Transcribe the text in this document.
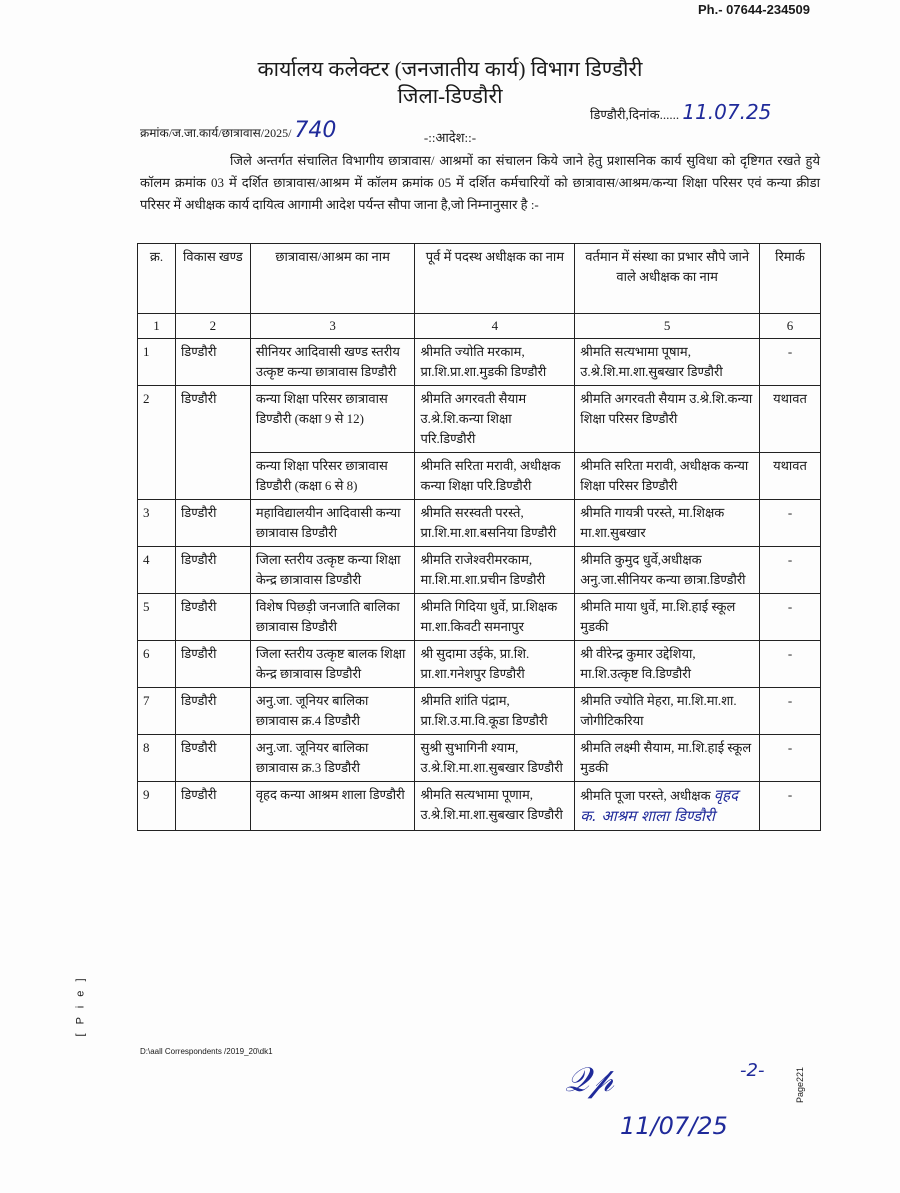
Ph.- 07644-234509
कार्यालय कलेक्टर (जनजातीय कार्य) विभाग डिण्डौरी
जिला-डिण्डौरी
क्रमांक/ज.जा.कार्य/छात्रावास/2025/ 740
डिण्डौरी,दिनांक...... 11.07.25
-::आदेश::-
जिले अन्तर्गत संचालित विभागीय छात्रावास/ आश्रमों का संचालन किये जाने हेतु प्रशासनिक कार्य सुविधा को दृष्टिगत रखते हुये कॉलम क्रमांक 03 में दर्शित छात्रावास/आश्रम में कॉलम क्रमांक 05 में दर्शित कर्मचारियों को छात्रावास/आश्रम/कन्या शिक्षा परिसर एवं कन्या क्रीडा परिसर में अधीक्षक कार्य दायित्व आगामी आदेश पर्यन्त सौपा जाना है,जो निम्नानुसार है :-
क्र.	विकास खण्ड	छात्रावास/आश्रम का नाम	पूर्व में पदस्थ अधीक्षक का नाम	वर्तमान में संस्था का प्रभार सौपे जाने वाले अधीक्षक का नाम	रिमार्क
1	2	3	4	5	6
1	डिण्डौरी	सीनियर आदिवासी खण्ड स्तरीय उत्कृष्ट कन्या छात्रावास डिण्डौरी	श्रीमति ज्योति मरकाम, प्रा.शि.प्रा.शा.मुडकी डिण्डौरी	श्रीमति सत्यभामा पूषाम, उ.श्रे.शि.मा.शा.सुबखार डिण्डौरी	-
2	डिण्डौरी	कन्या शिक्षा परिसर छात्रावास डिण्डौरी (कक्षा 9 से 12)	श्रीमति अगरवती सैयाम उ.श्रे.शि.कन्या शिक्षा परि.डिण्डौरी	श्रीमति अगरवती सैयाम उ.श्रे.शि.कन्या शिक्षा परिसर डिण्डौरी	यथावत
		कन्या शिक्षा परिसर छात्रावास डिण्डौरी (कक्षा 6 से 8)	श्रीमति सरिता मरावी, अधीक्षक कन्या शिक्षा परि.डिण्डौरी	श्रीमति सरिता मरावी, अधीक्षक कन्या शिक्षा परिसर डिण्डौरी	यथावत
3	डिण्डौरी	महाविद्यालयीन आदिवासी कन्या छात्रावास डिण्डौरी	श्रीमति सरस्वती परस्ते, प्रा.शि.मा.शा.बसनिया डिण्डौरी	श्रीमति गायत्री परस्ते, मा.शिक्षक मा.शा.सुबखार	-
4	डिण्डौरी	जिला स्तरीय उत्कृष्ट कन्या शिक्षा केन्द्र छात्रावास डिण्डौरी	श्रीमति राजेश्वरीमरकाम, मा.शि.मा.शा.प्रचीन डिण्डौरी	श्रीमति कुमुद धुर्वे,अधीक्षक अनु.जा.सीनियर कन्या छात्रा.डिण्डौरी	-
5	डिण्डौरी	विशेष पिछड़ी जनजाति बालिका छात्रावास डिण्डौरी	श्रीमति गिदिया धुर्वे, प्रा.शिक्षक मा.शा.किवटी समनापुर	श्रीमति माया धुर्वे, मा.शि.हाई स्कूल मुडकी	-
6	डिण्डौरी	जिला स्तरीय उत्कृष्ट बालक शिक्षा केन्द्र छात्रावास डिण्डौरी	श्री सुदामा उईके, प्रा.शि. प्रा.शा.गनेशपुर डिण्डौरी	श्री वीरेन्द्र कुमार उद्देशिया, मा.शि.उत्कृष्ट वि.डिण्डौरी	-
7	डिण्डौरी	अनु.जा. जूनियर बालिका छात्रावास क्र.4 डिण्डौरी	श्रीमति शांति पंद्राम, प्रा.शि.उ.मा.वि.कूडा डिण्डौरी	श्रीमति ज्योति मेहरा, मा.शि.मा.शा. जोगीटिकरिया	-
8	डिण्डौरी	अनु.जा. जूनियर बालिका छात्रावास क्र.3 डिण्डौरी	सुश्री सुभागिनी श्याम, उ.श्रे.शि.मा.शा.सुबखार डिण्डौरी	श्रीमति लक्ष्मी सैयाम, मा.शि.हाई स्कूल मुडकी	-
9	डिण्डौरी	वृहद कन्या आश्रम शाला डिण्डौरी	श्रीमति सत्यभामा पूणाम, उ.श्रे.शि.मा.शा.सुबखार डिण्डौरी	श्रीमति पूजा परस्ते, अधीक्षक वृहद क. आश्रम शाला डिण्डौरी	-
[ P i e ]
D:\aall Correspondents /2019_20\dk1
𝒬𝓅
11/07/25
-2-	Page221
